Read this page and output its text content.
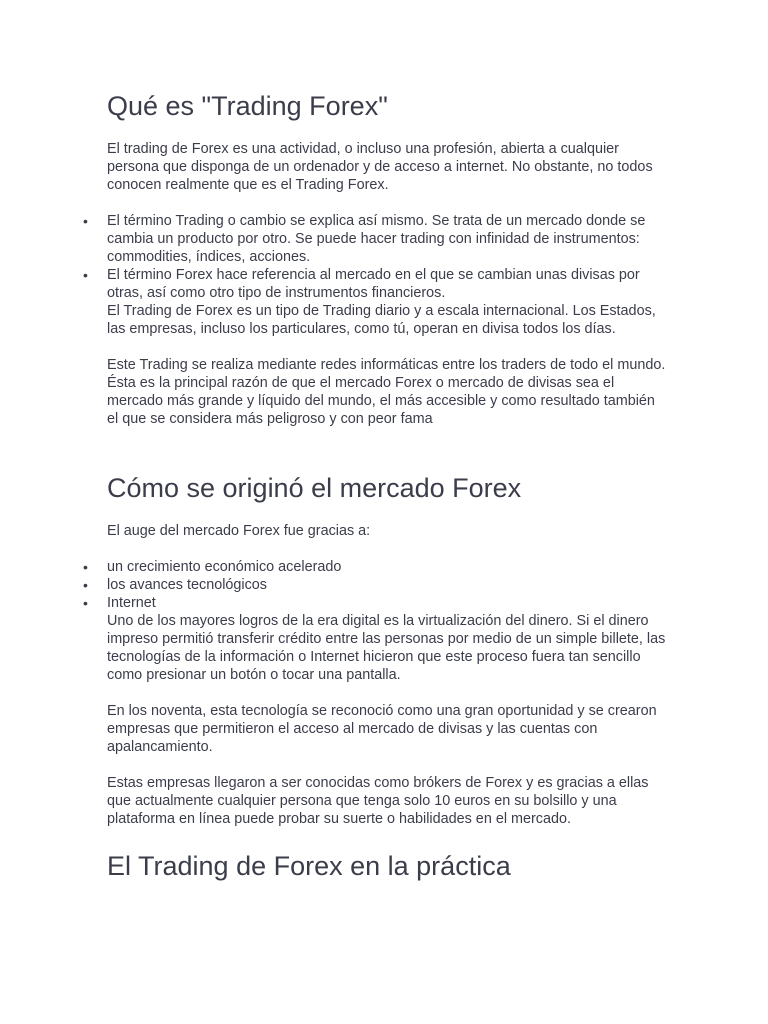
Qué es "Trading Forex"

El trading de Forex es una actividad, o incluso una profesión, abierta a cualquier persona que disponga de un ordenador y de acceso a internet. No obstante, no todos conocen realmente que es el Trading Forex.

• El término Trading o cambio se explica así mismo. Se trata de un mercado donde se cambia un producto por otro. Se puede hacer trading con infinidad de instrumentos: commodities, índices, acciones.
• El término Forex hace referencia al mercado en el que se cambian unas divisas por otras, así como otro tipo de instrumentos financieros.

El Trading de Forex es un tipo de Trading diario y a escala internacional. Los Estados, las empresas, incluso los particulares, como tú, operan en divisa todos los días.

Este Trading se realiza mediante redes informáticas entre los traders de todo el mundo. Ésta es la principal razón de que el mercado Forex o mercado de divisas sea el mercado más grande y líquido del mundo, el más accesible y como resultado también el que se considera más peligroso y con peor fama

Cómo se originó el mercado Forex

El auge del mercado Forex fue gracias a:

• un crecimiento económico acelerado
• los avances tecnológicos
• Internet

Uno de los mayores logros de la era digital es la virtualización del dinero. Si el dinero impreso permitió transferir crédito entre las personas por medio de un simple billete, las tecnologías de la información o Internet hicieron que este proceso fuera tan sencillo como presionar un botón o tocar una pantalla.

En los noventa, esta tecnología se reconoció como una gran oportunidad y se crearon empresas que permitieron el acceso al mercado de divisas y las cuentas con apalancamiento.

Estas empresas llegaron a ser conocidas como brókers de Forex y es gracias a ellas que actualmente cualquier persona que tenga solo 10 euros en su bolsillo y una plataforma en línea puede probar su suerte o habilidades en el mercado.

El Trading de Forex en la práctica
